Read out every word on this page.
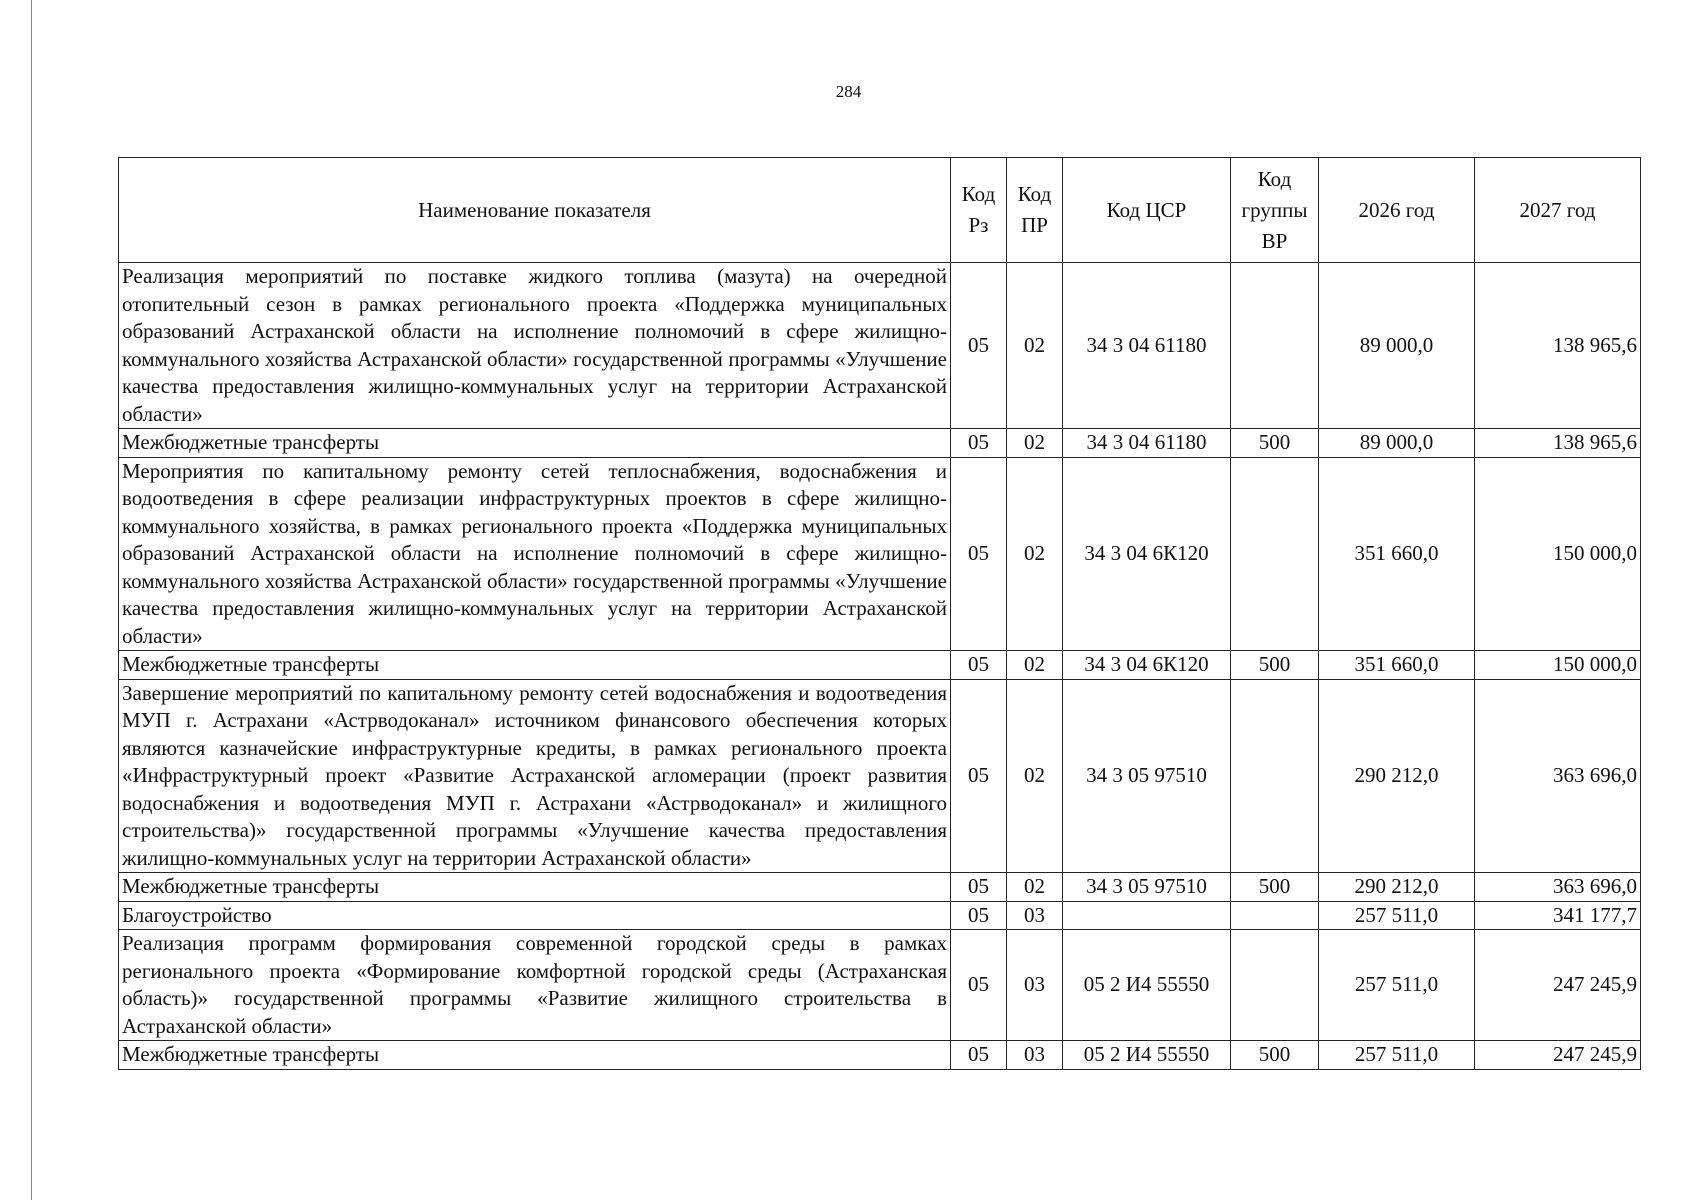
284
Наименование показателя	Код Рз	Код ПР	Код ЦСР	Код группы ВР	2026 год	2027 год
Реализация мероприятий по поставке жидкого топлива (мазута) на очередной отопительный сезон в рамках регионального проекта «Поддержка муниципальных образований Астраханской области на исполнение полномочий в сфере жилищно-коммунального хозяйства Астраханской области» государственной программы «Улучшение качества предоставления жилищно-коммунальных услуг на территории Астраханской области»	05	02	34 3 04 61180		89 000,0	138 965,6
Межбюджетные трансферты	05	02	34 3 04 61180	500	89 000,0	138 965,6
Мероприятия по капитальному ремонту сетей теплоснабжения, водоснабжения и водоотведения в сфере реализации инфраструктурных проектов в сфере жилищно-коммунального хозяйства, в рамках регионального проекта «Поддержка муниципальных образований Астраханской области на исполнение полномочий в сфере жилищно-коммунального хозяйства Астраханской области» государственной программы «Улучшение качества предоставления жилищно-коммунальных услуг на территории Астраханской области»	05	02	34 3 04 6К120		351 660,0	150 000,0
Межбюджетные трансферты	05	02	34 3 04 6К120	500	351 660,0	150 000,0
Завершение мероприятий по капитальному ремонту сетей водоснабжения и водоотведения МУП г. Астрахани «Астрводоканал» источником финансового обеспечения которых являются казначейские инфраструктурные кредиты, в рамках регионального проекта «Инфраструктурный проект «Развитие Астраханской агломерации (проект развития водоснабжения и водоотведения МУП г. Астрахани «Астрводоканал» и жилищного строительства)» государственной программы «Улучшение качества предоставления жилищно-коммунальных услуг на территории Астраханской области»	05	02	34 3 05 97510		290 212,0	363 696,0
Межбюджетные трансферты	05	02	34 3 05 97510	500	290 212,0	363 696,0
Благоустройство	05	03			257 511,0	341 177,7
Реализация программ формирования современной городской среды в рамках регионального проекта «Формирование комфортной городской среды (Астраханская область)» государственной программы «Развитие жилищного строительства в Астраханской области»	05	03	05 2 И4 55550		257 511,0	247 245,9
Межбюджетные трансферты	05	03	05 2 И4 55550	500	257 511,0	247 245,9
